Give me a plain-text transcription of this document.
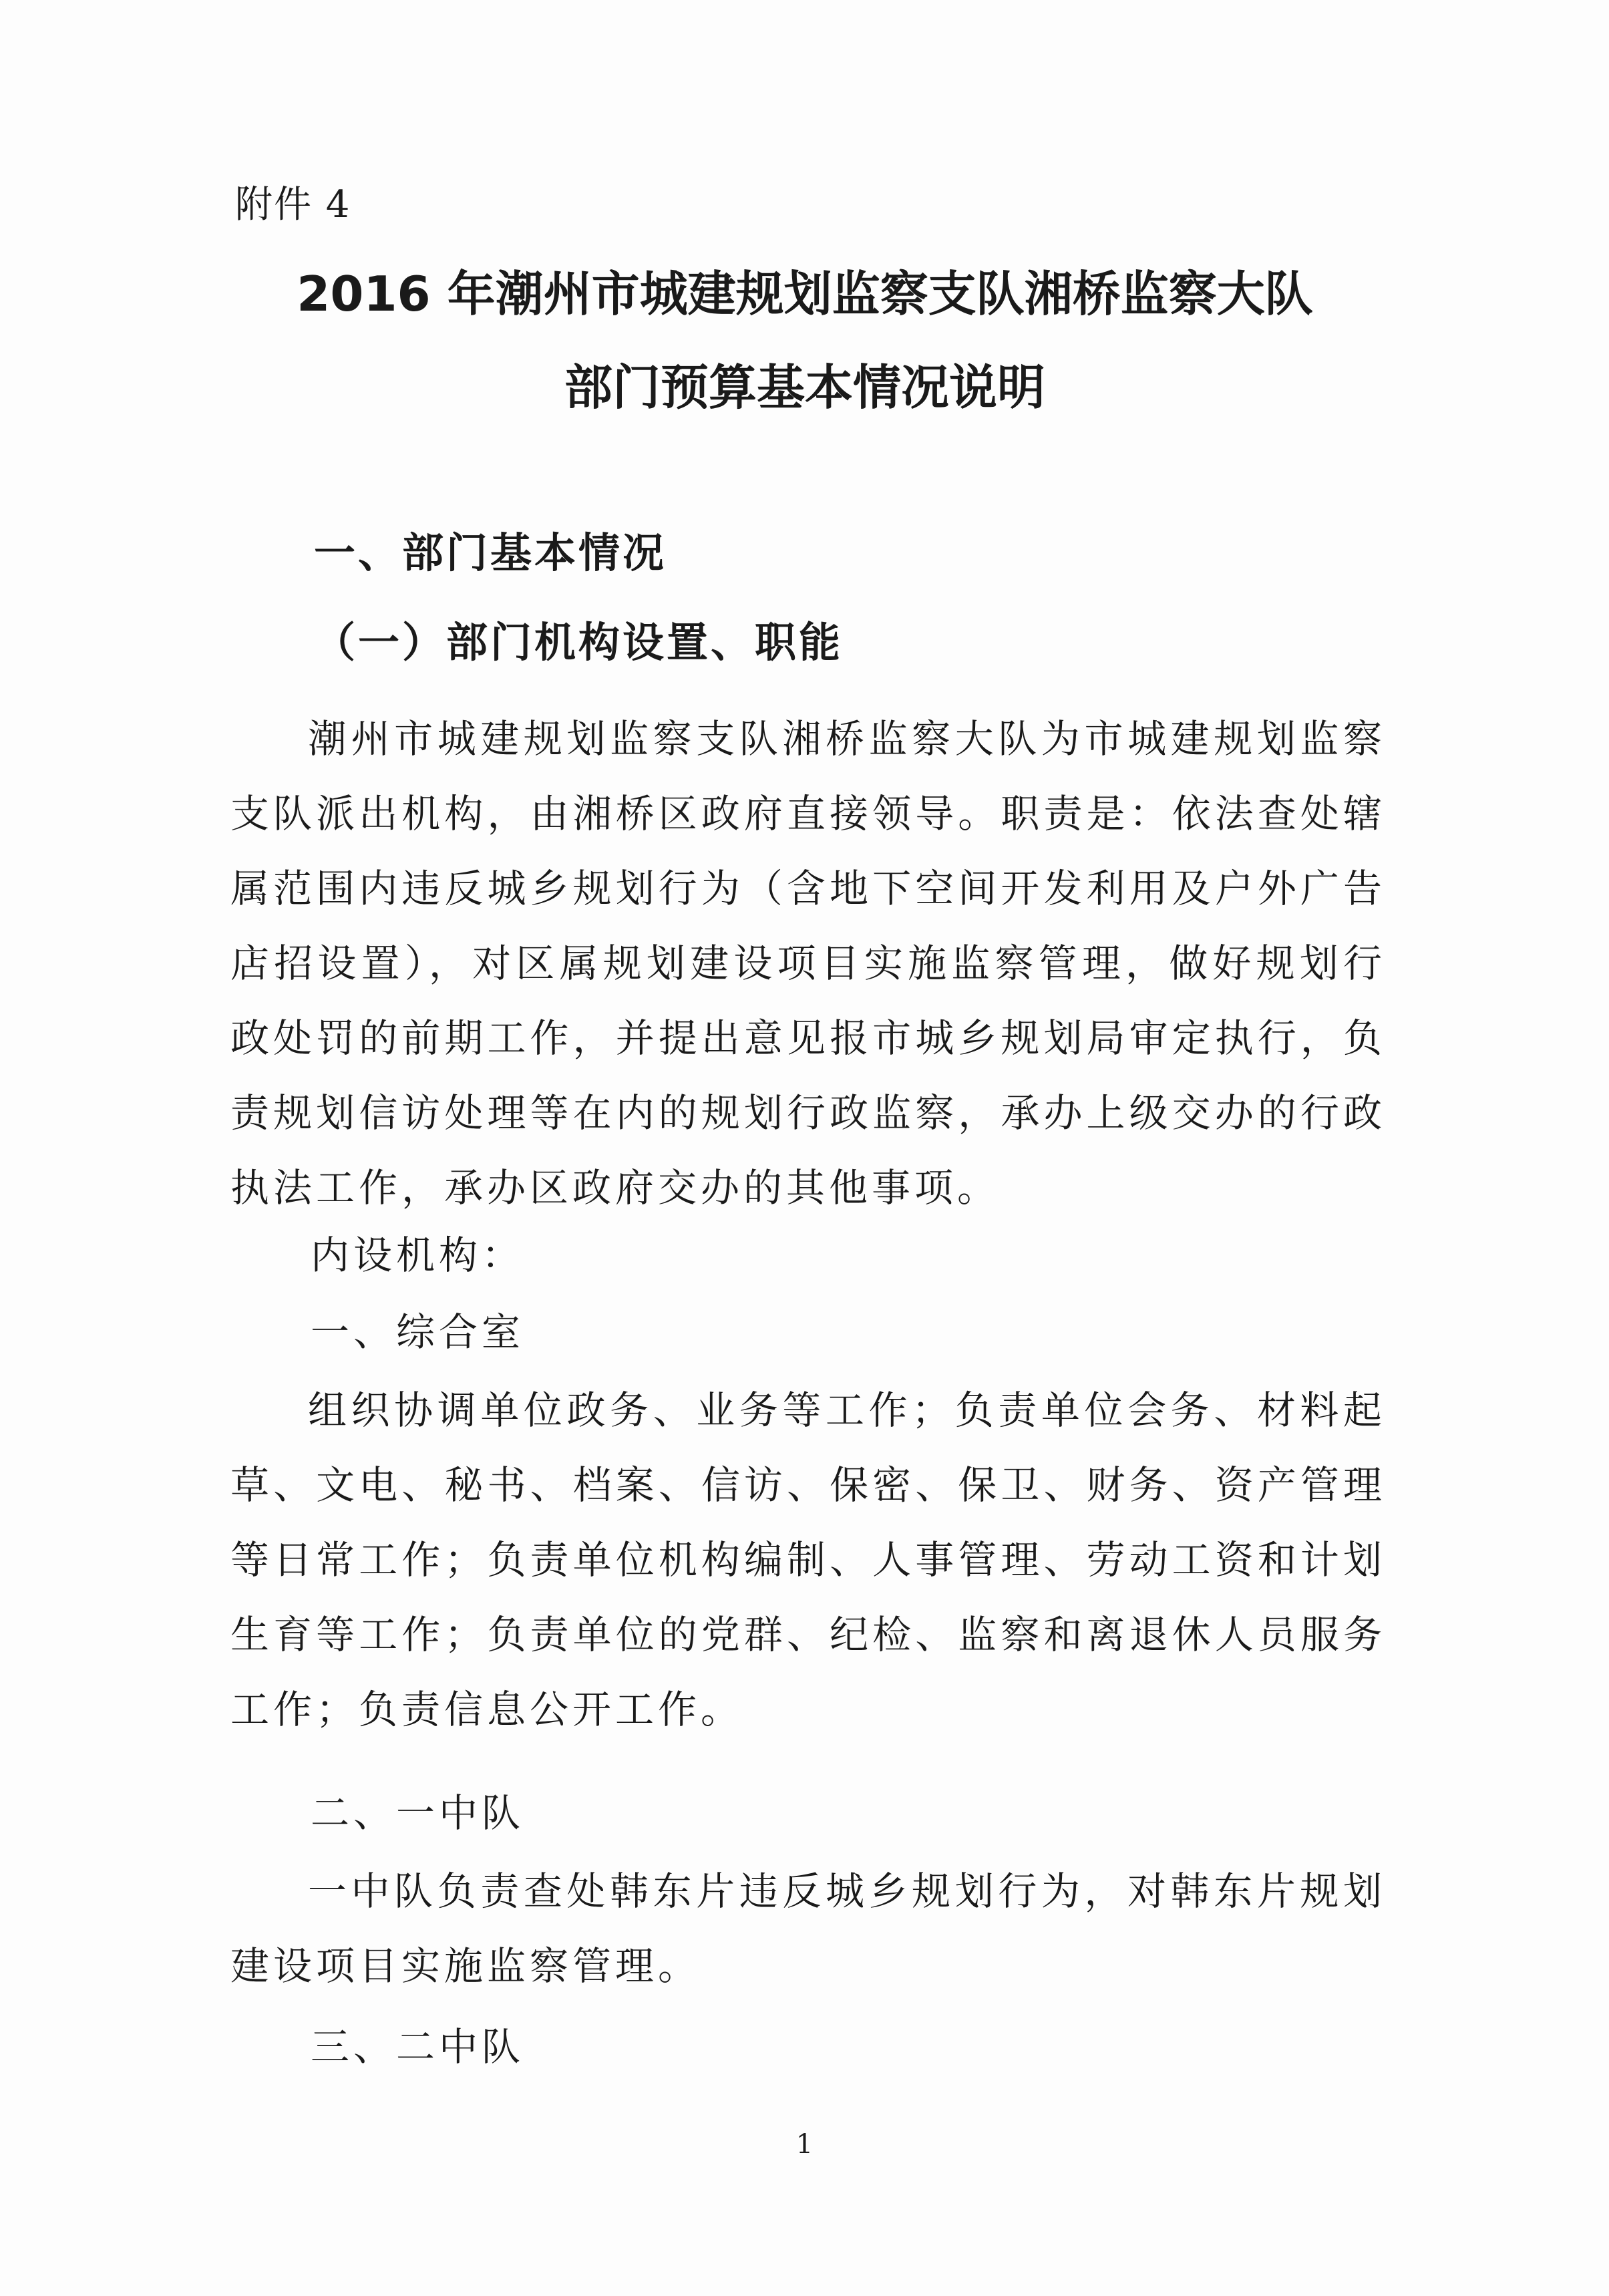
附件 4
2016 年潮州市城建规划监察支队湘桥监察大队
部门预算基本情况说明
一、部门基本情况
（一）部门机构设置、职能

潮州市城建规划监察支队湘桥监察大队为市城建规划监察支队派出机构，由湘桥区政府直接领导。职责是：依法查处辖属范围内违反城乡规划行为（含地下空间开发利用及户外广告店招设置），对区属规划建设项目实施监察管理，做好规划行政处罚的前期工作，并提出意见报市城乡规划局审定执行，负责规划信访处理等在内的规划行政监察，承办上级交办的行政执法工作，承办区政府交办的其他事项。

内设机构：

一、综合室

组织协调单位政务、业务等工作；负责单位会务、材料起草、文电、秘书、档案、信访、保密、保卫、财务、资产管理等日常工作；负责单位机构编制、人事管理、劳动工资和计划生育等工作；负责单位的党群、纪检、监察和离退休人员服务工作；负责信息公开工作。

二、一中队

一中队负责查处韩东片违反城乡规划行为，对韩东片规划建设项目实施监察管理。

三、二中队

1
